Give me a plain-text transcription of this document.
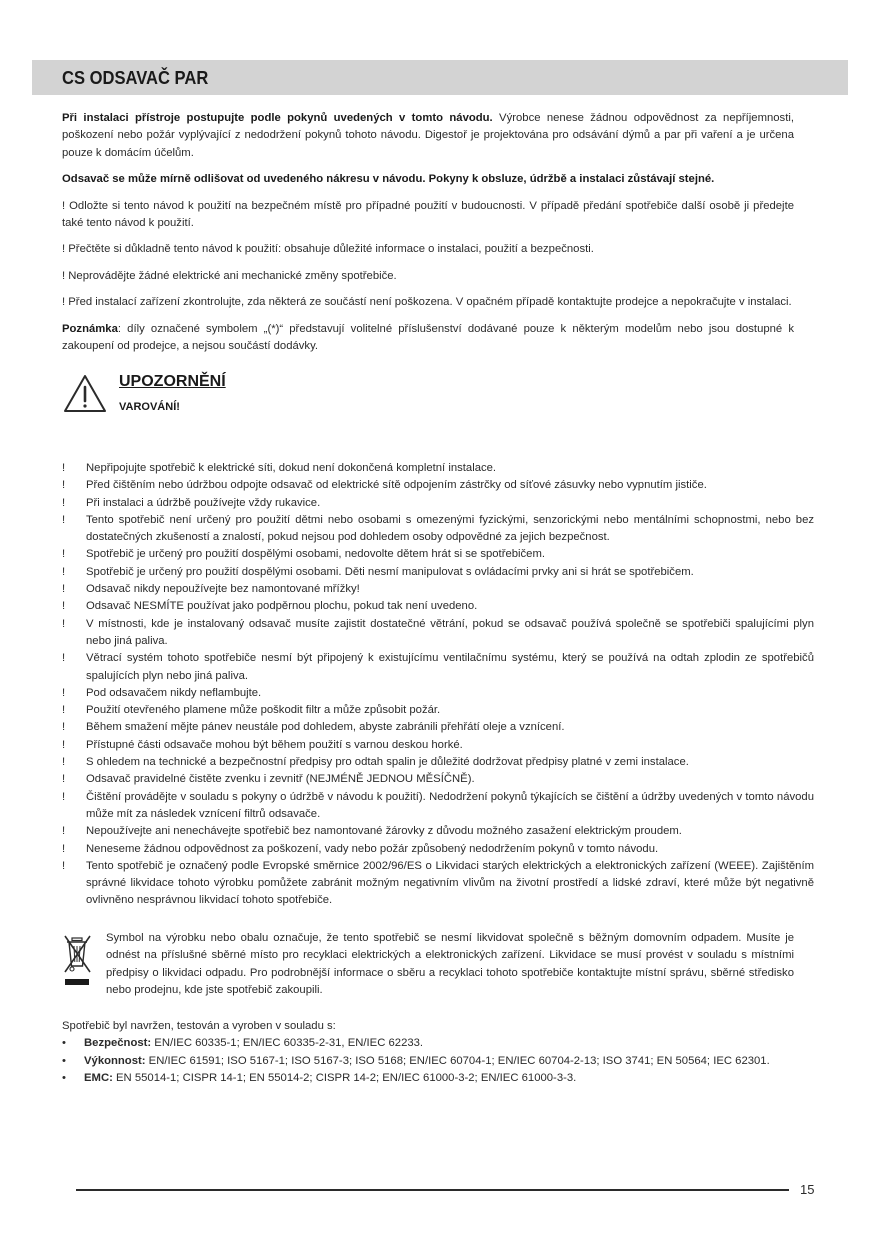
CS ODSAVAČ PAR

Při instalaci přístroje postupujte podle pokynů uvedených v tomto návodu. Výrobce nenese žádnou odpovědnost za nepříjemnosti, poškození nebo požár vyplývající z nedodržení pokynů tohoto návodu. Digestoř je projektována pro odsávání dýmů a par při vaření a je určena pouze k domácím účelům.

Odsavač se může mírně odlišovat od uvedeného nákresu v návodu. Pokyny k obsluze, údržbě a instalaci zůstávají stejné.

! Odložte si tento návod k použití na bezpečném místě pro případné použití v budoucnosti. V případě předání spotřebiče další osobě ji předejte také tento návod k použití.

! Přečtěte si důkladně tento návod k použití: obsahuje důležité informace o instalaci, použití a bezpečnosti.

! Neprovádějte žádné elektrické ani mechanické změny spotřebiče.

! Před instalací zařízení zkontrolujte, zda některá ze součástí není poškozena. V opačném případě kontaktujte prodejce a nepokračujte v instalaci.

Poznámka: díly označené symbolem „(*)“ představují volitelné příslušenství dodávané pouze k některým modelům nebo jsou dostupné k zakoupení od prodejce, a nejsou součástí dodávky.

UPOZORNĚNÍ
VAROVÁNÍ!
! Nepřipojujte spotřebič k elektrické síti, dokud není dokončená kompletní instalace.
! Před čištěním nebo údržbou odpojte odsavač od elektrické sítě odpojením zástrčky od síťové zásuvky nebo vypnutím jističe.
! Při instalaci a údržbě používejte vždy rukavice.
! Tento spotřebič není určený pro použití dětmi nebo osobami s omezenými fyzickými, senzorickými nebo mentálními schopnostmi, nebo bez dostatečných zkušeností a znalostí, pokud nejsou pod dohledem osoby odpovědné za jejich bezpečnost.
! Spotřebič je určený pro použití dospělými osobami, nedovolte dětem hrát si se spotřebičem.
! Spotřebič je určený pro použití dospělými osobami. Děti nesmí manipulovat s ovládacími prvky ani si hrát se spotřebičem.
! Odsavač nikdy nepoužívejte bez namontované mřížky!
! Odsavač NESMÍTE používat jako podpěrnou plochu, pokud tak není uvedeno.
! V místnosti, kde je instalovaný odsavač musíte zajistit dostatečné větrání, pokud se odsavač používá společně se spotřebiči spalujícími plyn nebo jiná paliva.
! Větrací systém tohoto spotřebiče nesmí být připojený k existujícímu ventilačnímu systému, který se používá na odtah zplodin ze spotřebičů spalujících plyn nebo jiná paliva.
! Pod odsavačem nikdy neflambujte.
! Použití otevřeného plamene může poškodit filtr a může způsobit požár.
! Během smažení mějte pánev neustále pod dohledem, abyste zabránili přehřátí oleje a vznícení.
! Přístupné části odsavače mohou být během použití s varnou deskou horké.
! S ohledem na technické a bezpečnostní předpisy pro odtah spalin je důležité dodržovat předpisy platné v zemi instalace.
! Odsavač pravidelné čistěte zvenku i zevnitř (NEJMÉNĚ JEDNOU MĚSÍČNĚ).
! Čištění provádějte v souladu s pokyny o údržbě v návodu k použití). Nedodržení pokynů týkajících se čištění a údržby uvedených v tomto návodu může mít za následek vznícení filtrů odsavače.
! Nepoužívejte ani nenechávejte spotřebič bez namontované žárovky z důvodu možného zasažení elektrickým proudem.
! Neneseme žádnou odpovědnost za poškození, vady nebo požár způsobený nedodržením pokynů v tomto návodu.
! Tento spotřebič je označený podle Evropské směrnice 2002/96/ES o Likvidaci starých elektrických a elektronických zařízení (WEEE). Zajištěním správné likvidace tohoto výrobku pomůžete zabránit možným negativním vlivům na životní prostředí a lidské zdraví, které může být negativně ovlivněno nesprávnou likvidací tohoto spotřebiče.
Symbol na výrobku nebo obalu označuje, že tento spotřebič se nesmí likvidovat společně s běžným domovním odpadem. Musíte je odnést na příslušné sběrné místo pro recyklaci elektrických a elektronických zařízení. Likvidace se musí provést v souladu s místními předpisy o likvidaci odpadu. Pro podrobnější informace o sběru a recyklaci tohoto spotřebiče kontaktujte místní správu, sběrné středisko nebo prodejnu, kde jste spotřebič zakoupili.
Spotřebič byl navržen, testován a vyroben v souladu s:
• Bezpečnost: EN/IEC 60335-1; EN/IEC 60335-2-31, EN/IEC 62233.
• Výkonnost: EN/IEC 61591; ISO 5167-1; ISO 5167-3; ISO 5168; EN/IEC 60704-1; EN/IEC 60704-2-13; ISO 3741; EN 50564; IEC 62301.
• EMC: EN 55014-1; CISPR 14-1; EN 55014-2; CISPR 14-2; EN/IEC 61000-3-2; EN/IEC 61000-3-3.
15
